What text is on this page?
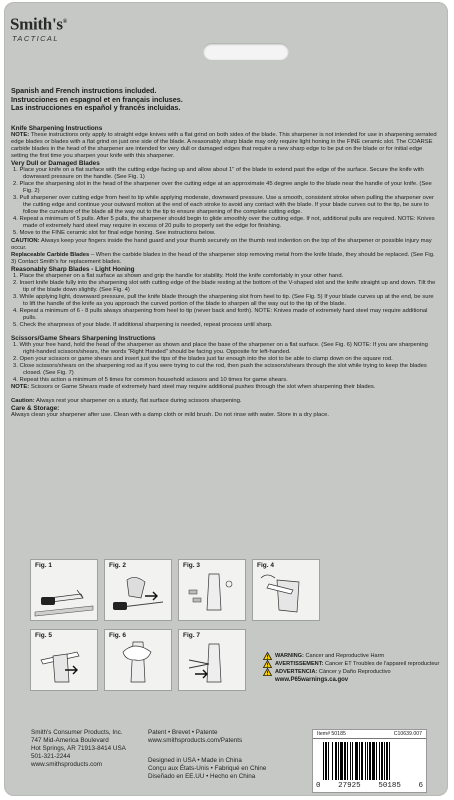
Smith's®
TACTICAL

Spanish and French instructions included.

Instrucciones en espagnol et en français incluses.

Las instrucciones en español y francés incluidas.

Knife Sharpening Instructions

NOTE: These instructions only apply to straight edge knives with a flat grind on both sides of the blade. This sharpener is not intended for use in sharpening serrated edge blades or blades with a flat grind on just one side of the blade. A reasonably sharp blade may only require light honing in the FINE ceramic slot. The COARSE carbide blades in the head of the sharpener are intended for very dull or damaged edges that require a new sharp edge to be put on the blade or for initial edge setting the first time you sharpen your knife with this sharpener.

Very Dull or Damaged Blades

1. Place your knife on a flat surface with the cutting edge facing up and allow about 1" of the blade to extend past the edge of the surface. Secure the knife with downward pressure on the handle. (See Fig. 1)

2. Place the sharpening slot in the head of the sharpener over the cutting edge at an approximate 45 degree angle to the blade near the handle of your knife. (See Fig. 2)

3. Pull sharpener over cutting edge from heel to tip while applying moderate, downward pressure. Use a smooth, consistent stroke when pulling the sharpener over the cutting edge and continue your outward motion at the end of each stroke to avoid any contact with the blade. If your blade curves out to the tip, be sure to follow the curvature of the blade all the way out to the tip to ensure sharpening of the complete cutting edge.

4. Repeat a minimum of 5 pulls. After 5 pulls, the sharpener should begin to glide smoothly over the cutting edge. If not, additional pulls are required. NOTE: Knives made of extremely hard steel may require in excess of 20 pulls to properly set the edge for finishing.

5. Move to the FINE ceramic slot for final edge honing. See instructions below.

CAUTION: Always keep your fingers inside the hand guard and your thumb securely on the thumb rest indention on the top of the sharpener or possible injury may occur.

Replaceable Carbide Blades – When the carbide blades in the head of the sharpener stop removing metal from the knife blade, they should be replaced. (See Fig. 3) Contact Smith's for replacement blades.

Reasonably Sharp Blades - Light Honing

1. Place the sharpener on a flat surface as shown and grip the handle for stability. Hold the knife comfortably in your other hand.

2. Insert knife blade fully into the sharpening slot with cutting edge of the blade resting at the bottom of the V-shaped slot and the knife straight up and down. Tilt the tip of the blade down slightly. (See Fig. 4)

3. While applying light, downward pressure, pull the knife blade through the sharpening slot from heel to tip. (See Fig. 5) If your blade curves up at the end, be sure to lift the handle of the knife as you approach the curved portion of the blade to sharpen all the way out to the tip of the blade.

4. Repeat a minimum of 6 - 8 pulls always sharpening from heel to tip (never back and forth). NOTE: Knives made of extremely hard steel may require additional pulls.

5. Check the sharpness of your blade. If additional sharpening is needed, repeat process until sharp.

Scissors/Game Shears Sharpening Instructions

1. With your free hand, hold the head of the sharpener as shown and place the base of the sharpener on a flat surface. (See Fig. 6) NOTE: If you are sharpening right-handed scissors/shears, the words "Right Handed" should be facing you. Opposite for left-handed.

2. Open your scissors or game shears and insert just the tips of the blades just far enough into the slot to be able to clamp down on the square rod.

3. Close scissors/shears on the sharpening rod as if you were trying to cut the rod, then push the scissors/shears through the slot while trying to keep the blades closed. (See Fig. 7)

4. Repeat this action a minimum of 5 times for common household scissors and 10 times for game shears.

NOTE: Scissors or Game Shears made of extremely hard steel may require additional pushes through the slot when sharpening their blades.

Caution: Always rest your sharpener on a sturdy, flat surface during scissors sharpening.

Care & Storage:

Always clean your sharpener after use. Clean with a damp cloth or mild brush. Do not rinse with water. Store in a dry place.

Fig. 1	Fig. 2	Fig. 3	Fig. 4
Fig. 5	Fig. 6	Fig. 7
WARNING: Cancer and Reproductive Harm
AVERTISSEMENT: Cancer ET Troubles de l'appareil reproducteur
ADVERTENCIA: Cáncer y Daño Reproductivo
www.P65warnings.ca.gov
Smith's Consumer Products, Inc.
747 Mid-America Boulevard
Hot Springs, AR 71913-8414 USA
501-321-2244
www.smithsproducts.com
Patent • Brevet • Patente
www.smithsproducts.com/Patents
Designed in USA • Made in China
Conçu aux États-Unis • Fabriqué en Chine
Diseñado en EE.UU • Hecho en China
Item# 50185	C10639.007
0 27925 50185 6
